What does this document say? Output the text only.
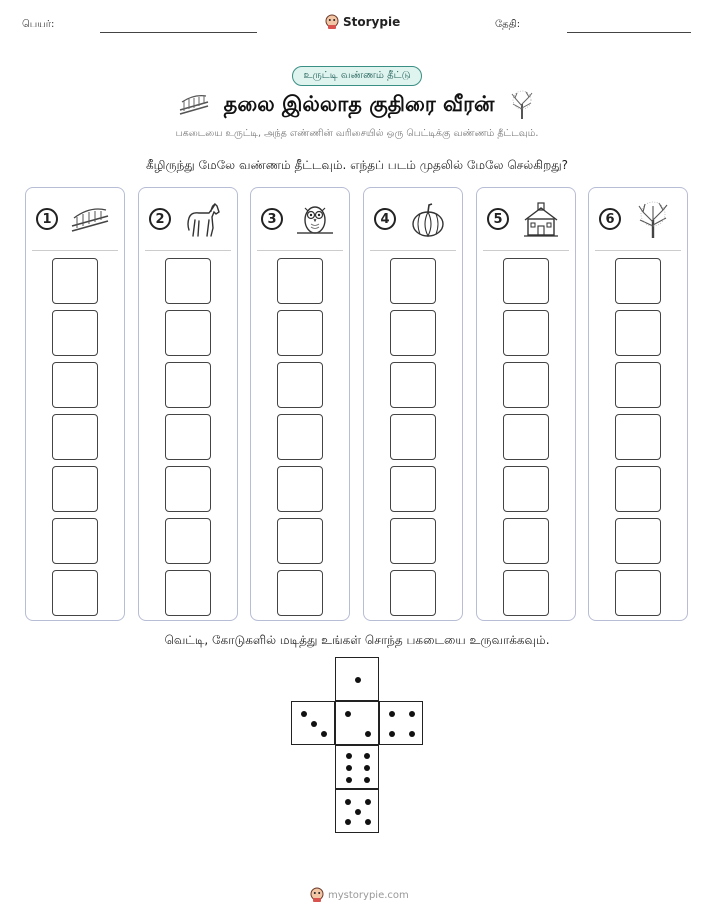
பெயர்:	Storypie	தேதி:
உருட்டி வண்ணம் தீட்டு
தலை இல்லாத குதிரை வீரன்
பகடையை உருட்டி, அந்த எண்ணின் வரிசையில் ஒரு பெட்டிக்கு வண்ணம் தீட்டவும்.
கீழிருந்து மேலே வண்ணம் தீட்டவும். எந்தப் படம் முதலில் மேலே செல்கிறது?
1	2	3	4	5	6
வெட்டி, கோடுகளில் மடித்து உங்கள் சொந்த பகடையை உருவாக்கவும்.
mystorypie.com
